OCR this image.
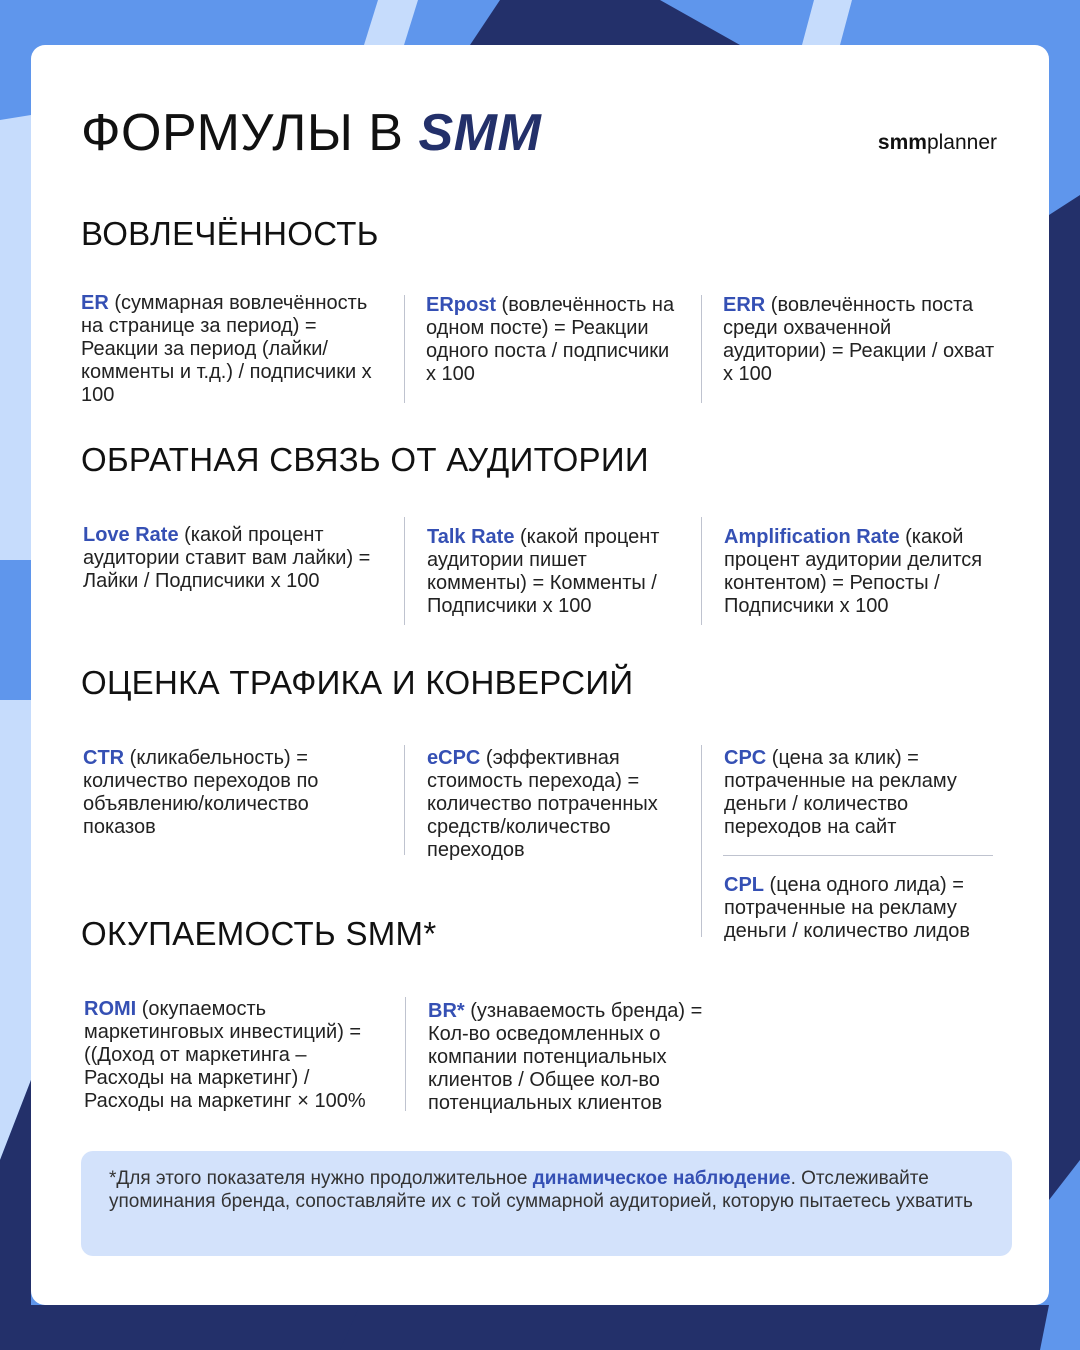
ФОРМУЛЫ В SMM	smmplanner
ВОВЛЕЧЁННОСТЬ

ER (суммарная вовлечённость на странице за период) = Реакции за период (лайки/ комменты и т.д.) / подписчики х 100

ERpost (вовлечённость на одном посте) = Реакции одного поста / подписчики х 100

ERR (вовлечённость поста среди охваченной аудитории) = Реакции / охват х 100

ОБРАТНАЯ СВЯЗЬ ОТ АУДИТОРИИ

Love Rate (какой процент аудитории ставит вам лайки) = Лайки / Подписчики х 100

Talk Rate (какой процент аудитории пишет комменты) = Комменты / Подписчики х 100

Amplification Rate (какой процент аудитории делится контентом) = Репосты / Подписчики х 100

ОЦЕНКА ТРАФИКА И КОНВЕРСИЙ

CTR (кликабельность) = количество переходов по объявлению/количество показов

eCPC (эффективная стоимость перехода) = количество потраченных средств/количество переходов

CPC (цена за клик) = потраченные на рекламу деньги / количество переходов на сайт

CPL (цена одного лида) = потраченные на рекламу деньги / количество лидов

ОКУПАЕМОСТЬ SMM*

ROMI (окупаемость маркетинговых инвестиций) = ((Доход от маркетинга – Расходы на маркетинг) / Расходы на маркетинг × 100%

BR* (узнаваемость бренда) = Кол-во осведомленных о компании потенциальных клиентов / Общее кол-во потенциальных клиентов

*Для этого показателя нужно продолжительное динамическое наблюдение. Отслеживайте упоминания бренда, сопоставляйте их с той суммарной аудиторией, которую пытаетесь ухватить
